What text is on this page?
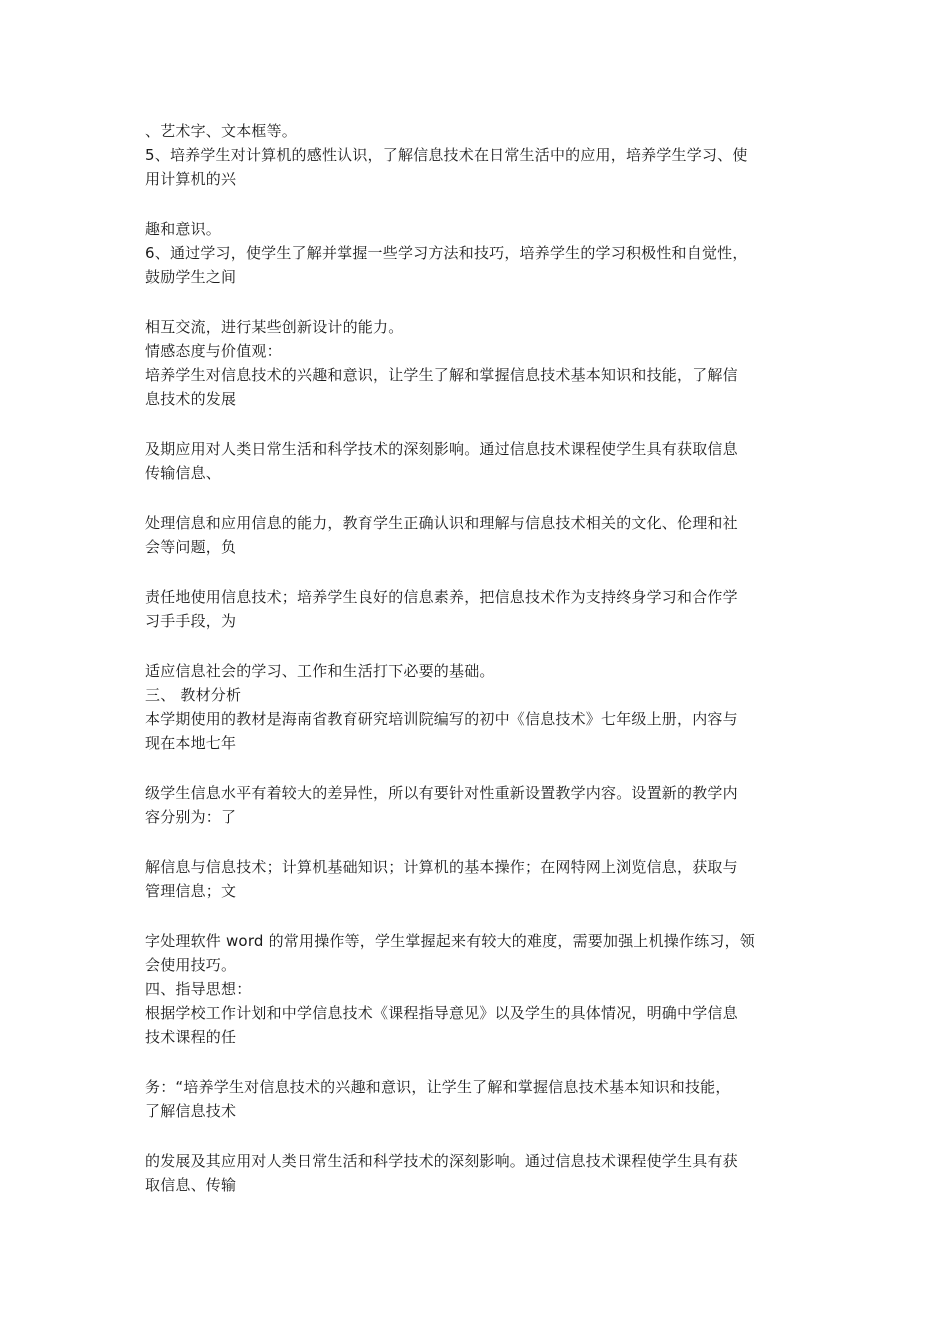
、艺术字、文本框等。
5、培养学生对计算机的感性认识，了解信息技术在日常生活中的应用，培养学生学习、使
用计算机的兴
趣和意识。
6、通过学习，使学生了解并掌握一些学习方法和技巧，培养学生的学习积极性和自觉性，
鼓励学生之间
相互交流，进行某些创新设计的能力。
情感态度与价值观：
培养学生对信息技术的兴趣和意识，让学生了解和掌握信息技术基本知识和技能，了解信
息技术的发展
及期应用对人类日常生活和科学技术的深刻影响。通过信息技术课程使学生具有获取信息
传输信息、
处理信息和应用信息的能力，教育学生正确认识和理解与信息技术相关的文化、伦理和社
会等问题，负
责任地使用信息技术；培养学生良好的信息素养，把信息技术作为支持终身学习和合作学
习手手段，为
适应信息社会的学习、工作和生活打下必要的基础。
三、 教材分析
本学期使用的教材是海南省教育研究培训院编写的初中《信息技术》七年级上册，内容与
现在本地七年
级学生信息水平有着较大的差异性，所以有要针对性重新设置教学内容。设置新的教学内
容分别为：了
解信息与信息技术；计算机基础知识；计算机的基本操作；在网特网上浏览信息，获取与
管理信息；文
字处理软件 word 的常用操作等，学生掌握起来有较大的难度，需要加强上机操作练习，领
会使用技巧。
四、指导思想：
根据学校工作计划和中学信息技术《课程指导意见》以及学生的具体情况，明确中学信息
技术课程的任
务：“培养学生对信息技术的兴趣和意识，让学生了解和掌握信息技术基本知识和技能，
了解信息技术
的发展及其应用对人类日常生活和科学技术的深刻影响。通过信息技术课程使学生具有获
取信息、传输
